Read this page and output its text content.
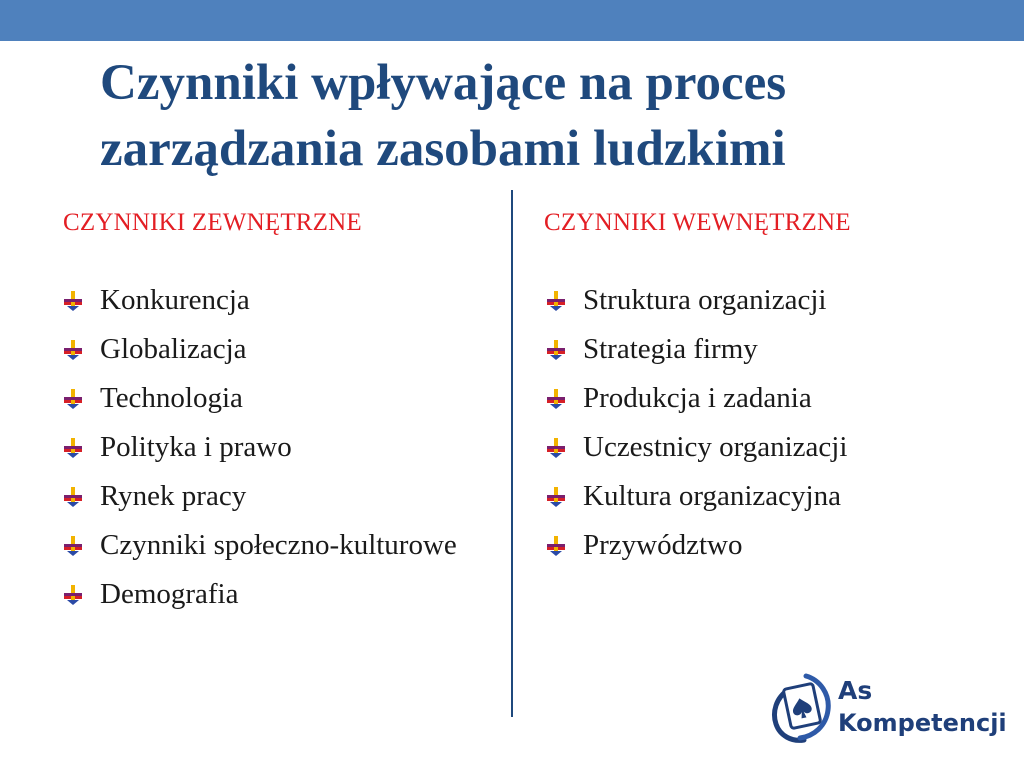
Czynniki wpływające na proces
zarządzania zasobami ludzkimi
CZYNNIKI ZEWNĘTRZNE	CZYNNIKI WEWNĘTRZNE
Konkurencja
Globalizacja
Technologia
Polityka i prawo
Rynek pracy
Czynniki społeczno-kulturowe
Demografia
Struktura organizacji
Strategia firmy
Produkcja i zadania
Uczestnicy organizacji
Kultura organizacyjna
Przywództwo
As
Kompetencji
